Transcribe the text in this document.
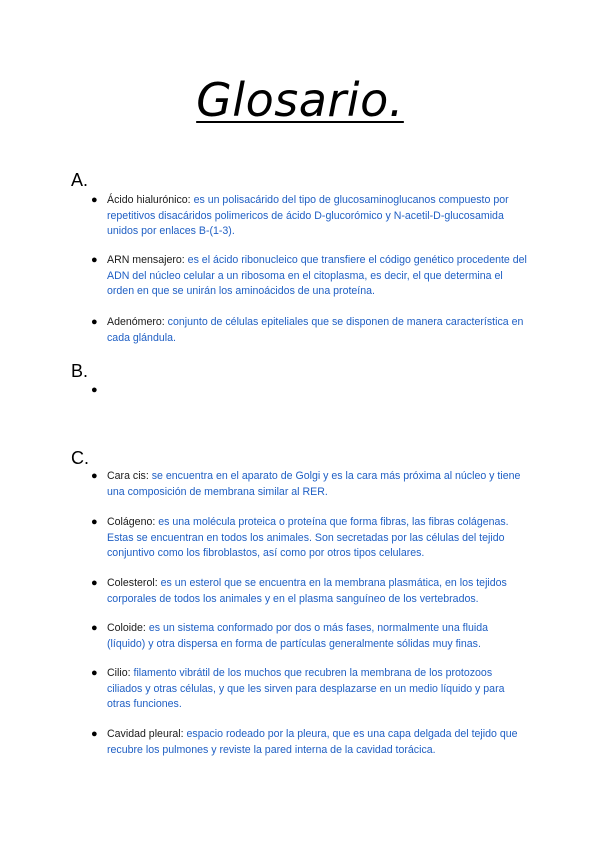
Glosario.
A.
● Ácido hialurónico: es un polisacárido del tipo de glucosaminoglucanos compuesto por repetitivos disacáridos polimericos de ácido D-glucorómico y N-acetil-D-glucosamida unidos por enlaces B-(1-3).
● ARN mensajero: es el ácido ribonucleico que transfiere el código genético procedente del ADN del núcleo celular a un ribosoma en el citoplasma, es decir, el que determina el orden en que se unirán los aminoácidos de una proteína.
● Adenómero: conjunto de células epiteliales que se disponen de manera característica en cada glándula.
B.
●
C.
● Cara cis: se encuentra en el aparato de Golgi y es la cara más próxima al núcleo y tiene una composición de membrana similar al RER.
● Colágeno: es una molécula proteica o proteína que forma fibras, las fibras colágenas. Estas se encuentran en todos los animales. Son secretadas por las células del tejido conjuntivo como los fibroblastos, así como por otros tipos celulares.
● Colesterol: es un esterol que se encuentra en la membrana plasmática, en los tejidos corporales de todos los animales y en el plasma sanguíneo de los vertebrados.
● Coloide: es un sistema conformado por dos o más fases, normalmente una fluida (líquido) y otra dispersa en forma de partículas generalmente sólidas muy finas.
● Cilio: filamento vibrátil de los muchos que recubren la membrana de los protozoos ciliados y otras células, y que les sirven para desplazarse en un medio líquido y para otras funciones.
● Cavidad pleural: espacio rodeado por la pleura, que es una capa delgada del tejido que recubre los pulmones y reviste la pared interna de la cavidad torácica.
